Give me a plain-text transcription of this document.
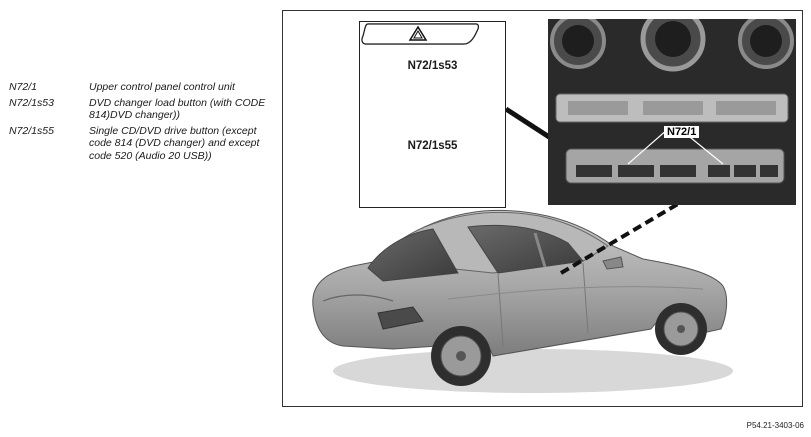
N72/1	Upper control panel control unit
N72/1s53	DVD changer load button (with CODE 814)DVD changer))
N72/1s55	Single CD/DVD drive button (except code 814 (DVD changer) and except code 520 (Audio 20 USB))
N72/1s53
N72/1s55
N72/1
P54.21-3403-06
